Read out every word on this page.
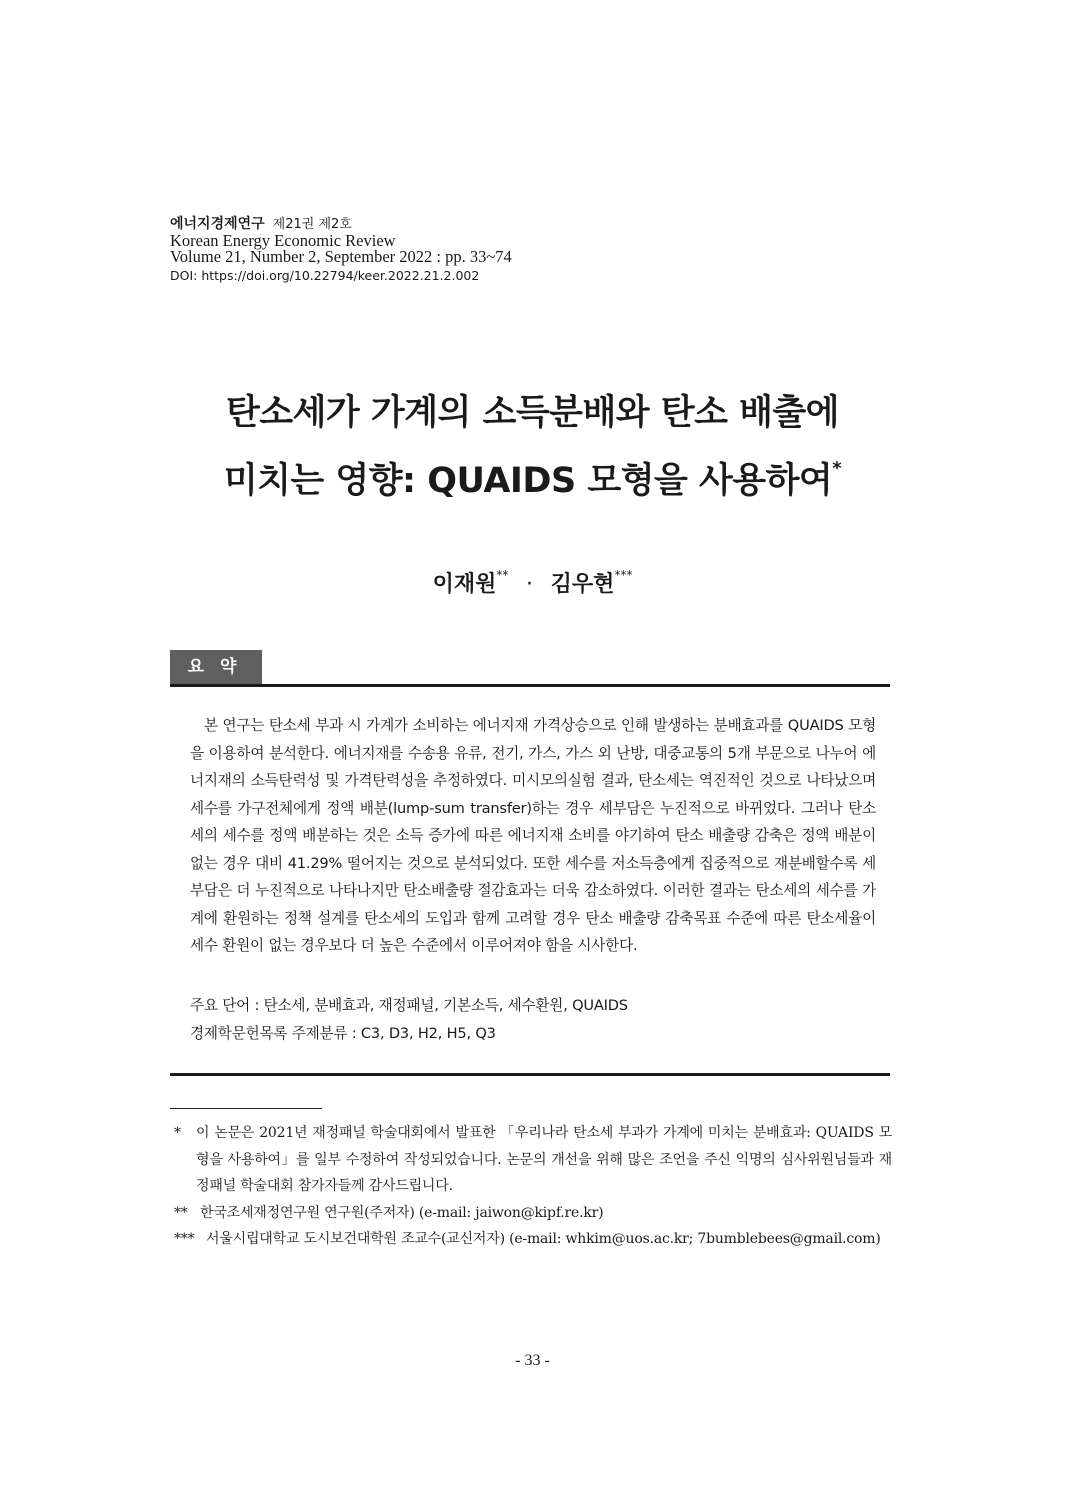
에너지경제연구 제21권 제2호
Korean Energy Economic Review
Volume 21, Number 2, September 2022 : pp. 33~74
DOI: https://doi.org/10.22794/keer.2022.21.2.002
탄소세가 가계의 소득분배와 탄소 배출에
미치는 영향: QUAIDS 모형을 사용하여*
이재원** · 김우현***
요약
본 연구는 탄소세 부과 시 가계가 소비하는 에너지재 가격상승으로 인해 발생하는 분배효과를 QUAIDS 모형을 이용하여 분석한다. 에너지재를 수송용 유류, 전기, 가스, 가스 외 난방, 대중교통의 5개 부문으로 나누어 에너지재의 소득탄력성 및 가격탄력성을 추정하였다. 미시모의실험 결과, 탄소세는 역진적인 것으로 나타났으며 세수를 가구전체에게 정액 배분(lump-sum transfer)하는 경우 세부담은 누진적으로 바뀌었다. 그러나 탄소세의 세수를 정액 배분하는 것은 소득 증가에 따른 에너지재 소비를 야기하여 탄소 배출량 감축은 정액 배분이 없는 경우 대비 41.29% 떨어지는 것으로 분석되었다. 또한 세수를 저소득층에게 집중적으로 재분배할수록 세부담은 더 누진적으로 나타나지만 탄소배출량 절감효과는 더욱 감소하였다. 이러한 결과는 탄소세의 세수를 가계에 환원하는 정책 설계를 탄소세의 도입과 함께 고려할 경우 탄소 배출량 감축목표 수준에 따른 탄소세율이 세수 환원이 없는 경우보다 더 높은 수준에서 이루어져야 함을 시사한다.
주요 단어 : 탄소세, 분배효과, 재정패널, 기본소득, 세수환원, QUAIDS
경제학문헌목록 주제분류 : C3, D3, H2, H5, Q3
* 이 논문은 2021년 재정패널 학술대회에서 발표한 「우리나라 탄소세 부과가 가계에 미치는 분배효과: QUAIDS 모형을 사용하여」를 일부 수정하여 작성되었습니다. 논문의 개선을 위해 많은 조언을 주신 익명의 심사위원님들과 재정패널 학술대회 참가자들께 감사드립니다.
** 한국조세재정연구원 연구원(주저자) (e-mail: jaiwon@kipf.re.kr)
*** 서울시립대학교 도시보건대학원 조교수(교신저자) (e-mail: whkim@uos.ac.kr; 7bumblebees@gmail.com)
- 33 -
